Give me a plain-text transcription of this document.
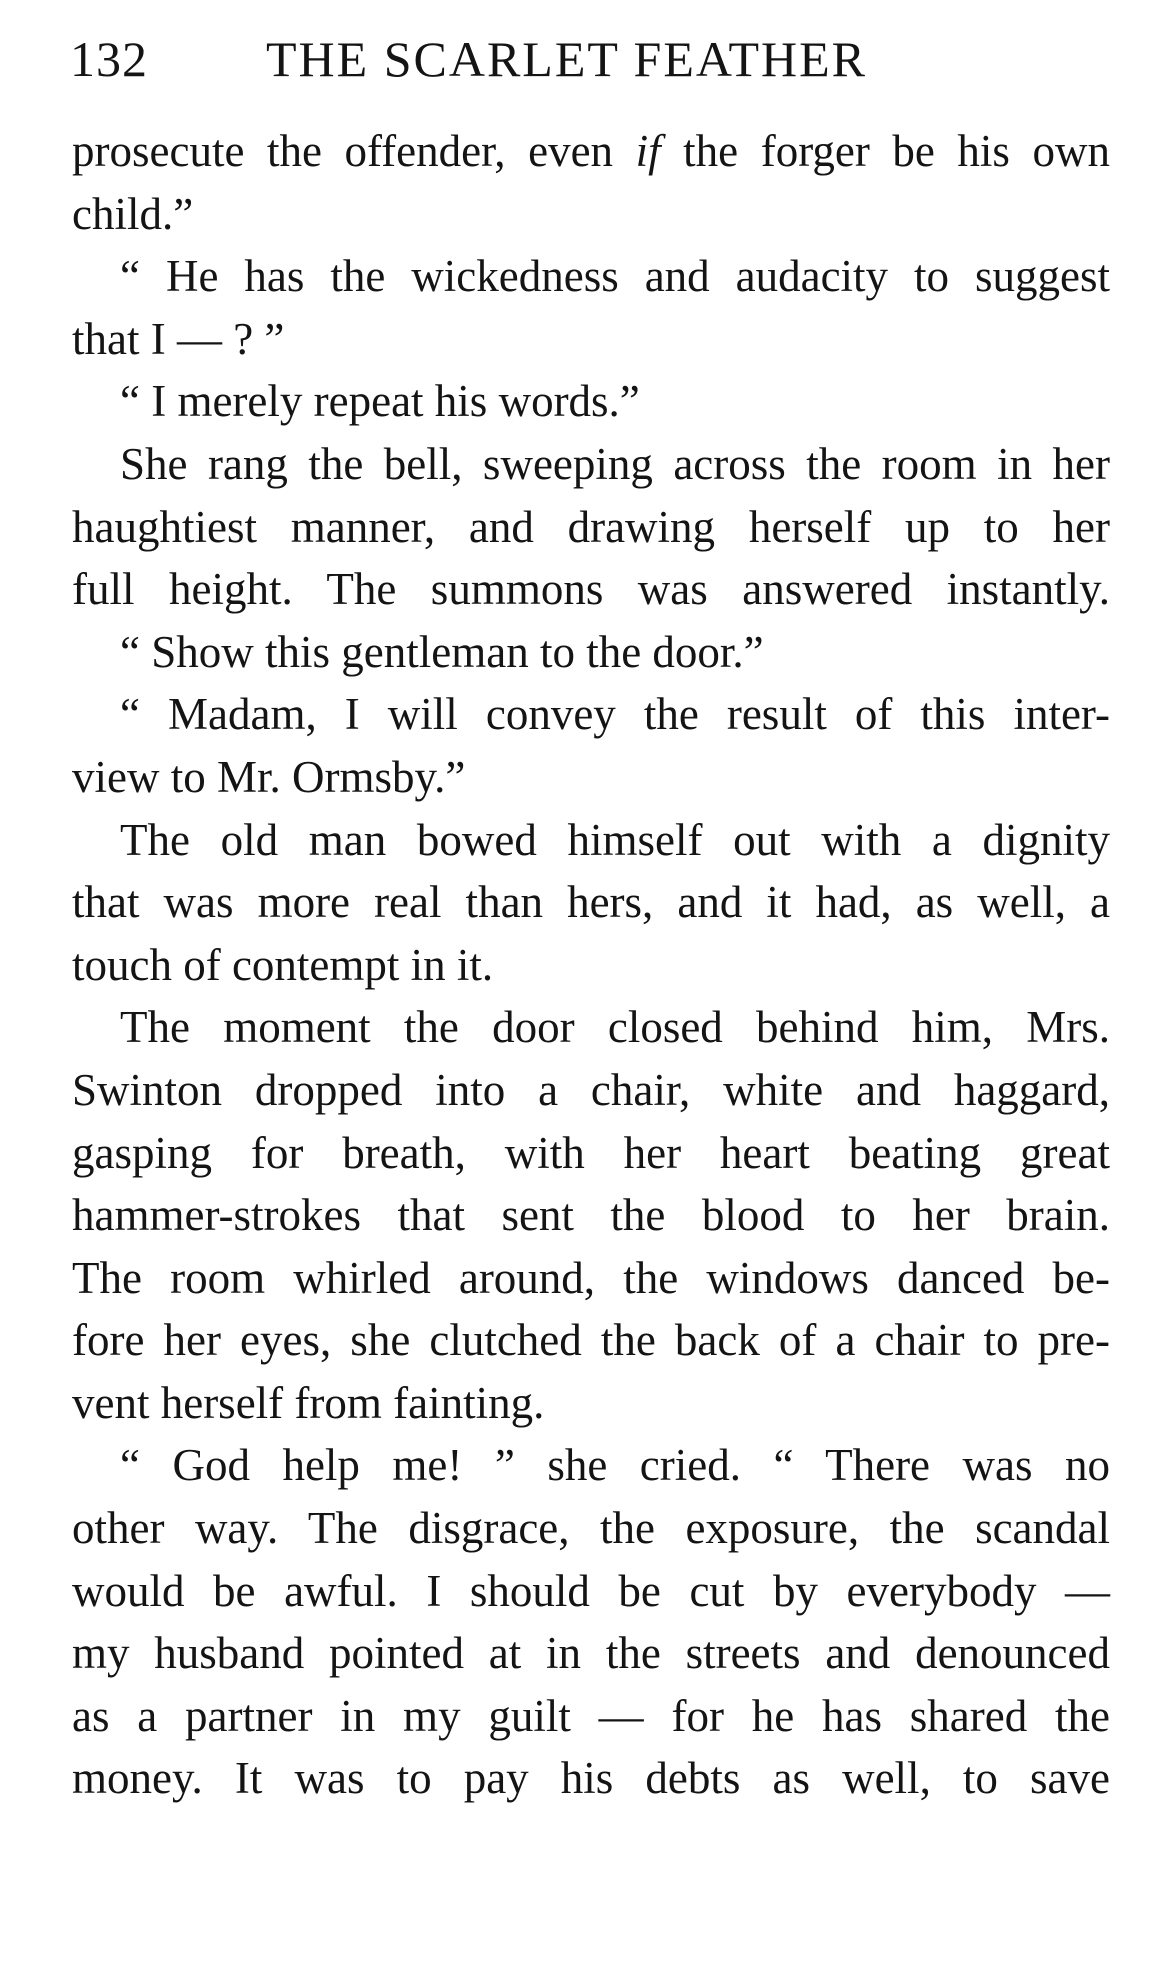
132 THE SCARLET FEATHER
prosecute the offender, even if the forger be his own
child.”
“ He has the wickedness and audacity to suggest
that I — ? ”
“ I merely repeat his words.”
She rang the bell, sweeping across the room in her
haughtiest manner, and drawing herself up to her
full height. The summons was answered instantly.
“ Show this gentleman to the door.”
“ Madam, I will convey the result of this inter-
view to Mr. Ormsby.”
The old man bowed himself out with a dignity
that was more real than hers, and it had, as well, a
touch of contempt in it.
The moment the door closed behind him, Mrs.
Swinton dropped into a chair, white and haggard,
gasping for breath, with her heart beating great
hammer-strokes that sent the blood to her brain.
The room whirled around, the windows danced be-
fore her eyes, she clutched the back of a chair to pre-
vent herself from fainting.
“ God help me! ” she cried. “ There was no
other way. The disgrace, the exposure, the scandal
would be awful. I should be cut by everybody —
my husband pointed at in the streets and denounced
as a partner in my guilt — for he has shared the
money. It was to pay his debts as well, to save
